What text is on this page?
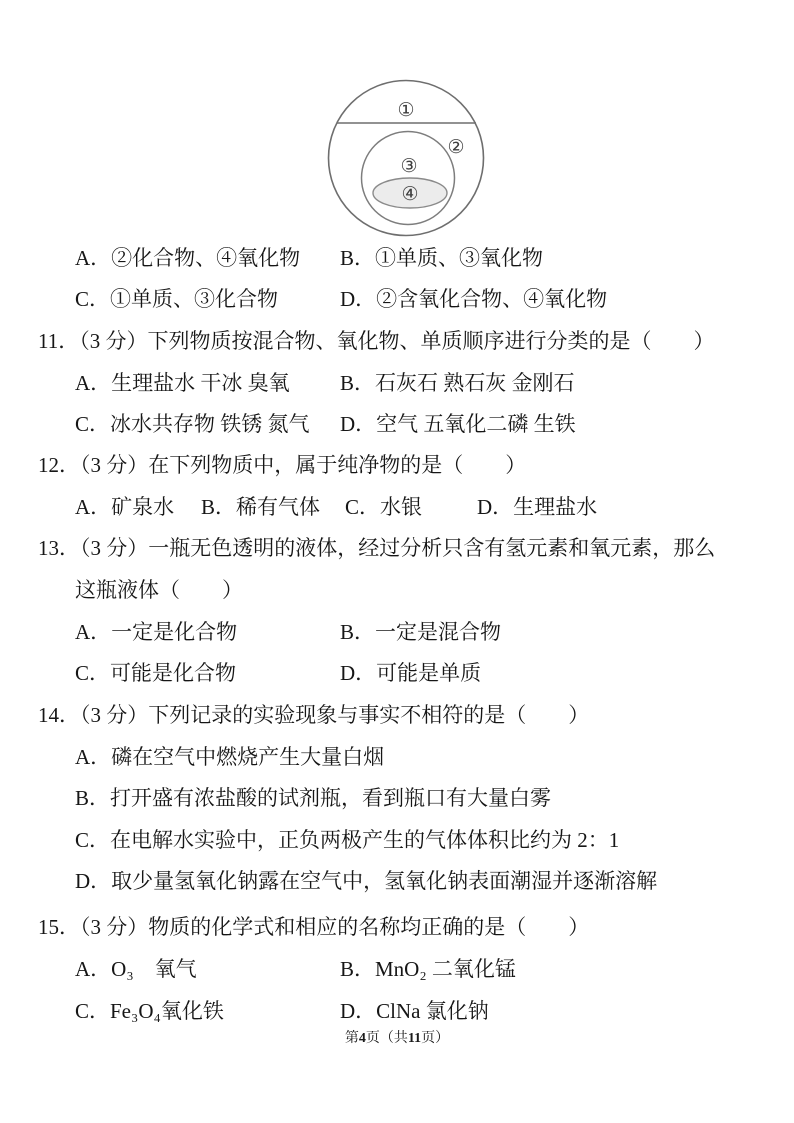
①
②
③
④
A．②化合物、④氧化物 B．①单质、③氧化物
C．①单质、③化合物	D．②含氧化合物、④氧化物
11．（3 分）下列物质按混合物、氧化物、单质顺序进行分类的是（　　）
A．生理盐水 干冰 臭氧 B．石灰石 熟石灰 金刚石
C．冰水共存物 铁锈 氮气 D．空气 五氧化二磷 生铁
12．（3 分）在下列物质中，属于纯净物的是（　　）
A．矿泉水 B．稀有气体 C．水银	D．生理盐水
13．（3 分）一瓶无色透明的液体，经过分析只含有氢元素和氧元素，那么
这瓶液体（　　）
A．一定是化合物	B．一定是混合物
C．可能是化合物	D．可能是单质
14．（3 分）下列记录的实验现象与事实不相符的是（　　）
A．磷在空气中燃烧产生大量白烟
B．打开盛有浓盐酸的试剂瓶，看到瓶口有大量白雾
C．在电解水实验中，正负两极产生的气体体积比约为 2：1
D．取少量氢氧化钠露在空气中，氢氧化钠表面潮湿并逐渐溶解
15．（3 分）物质的化学式和相应的名称均正确的是（　　）
A．O₃　氧气	B．MnO₂ 二氧化锰
C．Fe₃O₄氧化铁	D．ClNa 氯化钠
第4页（共11页）
